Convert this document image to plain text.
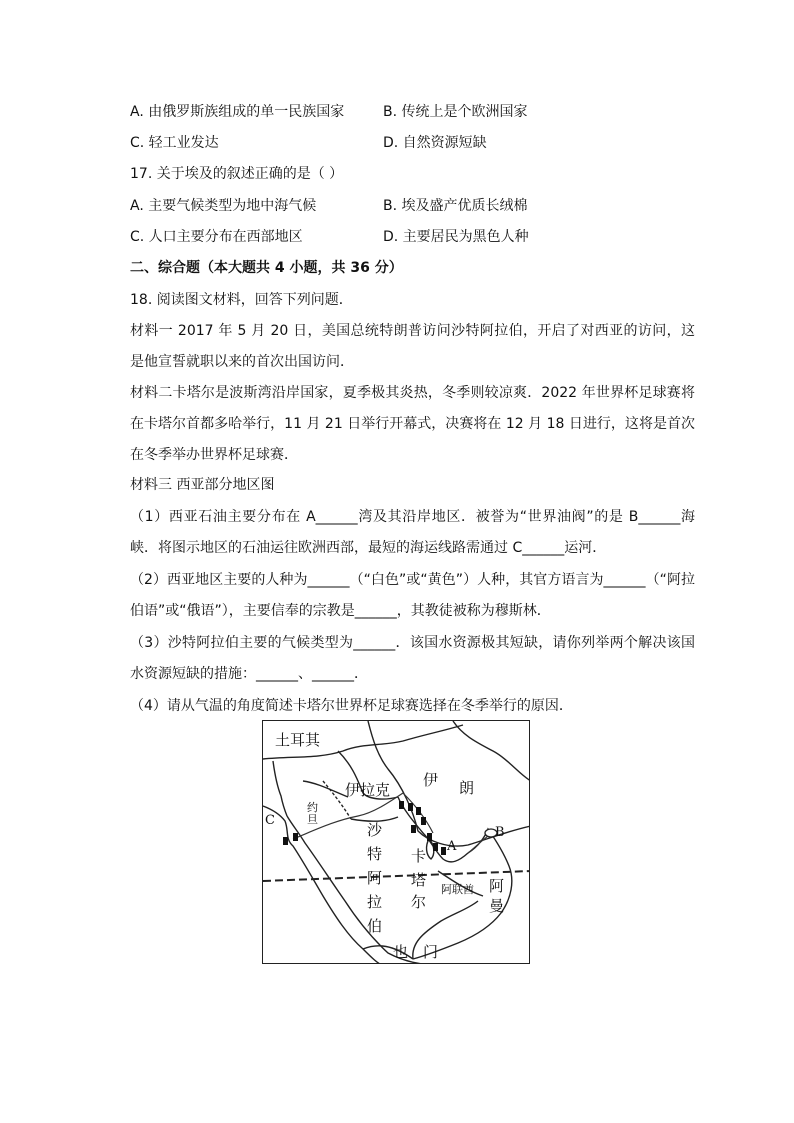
A. 由俄罗斯族组成的单一民族国家	B. 传统上是个欧洲国家
C. 轻工业发达	D. 自然资源短缺
17. 关于埃及的叙述正确的是（ ）
A. 主要气候类型为地中海气候	B. 埃及盛产优质长绒棉
C. 人口主要分布在西部地区	D. 主要居民为黑色人种
二、综合题（本大题共 4 小题，共 36 分）
18. 阅读图文材料，回答下列问题．
材料一 2017 年 5 月 20 日，美国总统特朗普访问沙特阿拉伯，开启了对西亚的访问，这是他宣誓就职以来的首次出国访问．
材料二卡塔尔是波斯湾沿岸国家，夏季极其炎热，冬季则较凉爽．2022 年世界杯足球赛将在卡塔尔首都多哈举行，11 月 21 日举行开幕式，决赛将在 12 月 18 日进行，这将是首次在冬季举办世界杯足球赛．
材料三 西亚部分地区图
（1）西亚石油主要分布在 A______湾及其沿岸地区．被誉为“世界油阀”的是 B______海峡．将图示地区的石油运往欧洲西部，最短的海运线路需通过 C______运河．
（2）西亚地区主要的人种为______（“白色”或“黄色”）人种，其官方语言为______（“阿拉伯语”或“俄语”），主要信奉的宗教是______，其教徒被称为穆斯林．
（3）沙特阿拉伯主要的气候类型为______．该国水资源极其短缺，请你列举两个解决该国水资源短缺的措施：______、______．
（4）请从气温的角度简述卡塔尔世界杯足球赛选择在冬季举行的原因．
土耳其
伊拉克
伊 朗
约
旦
沙
特
阿
拉
伯
卡
塔
尔
阿联酋 阿
曼
也 门
A
B
C
